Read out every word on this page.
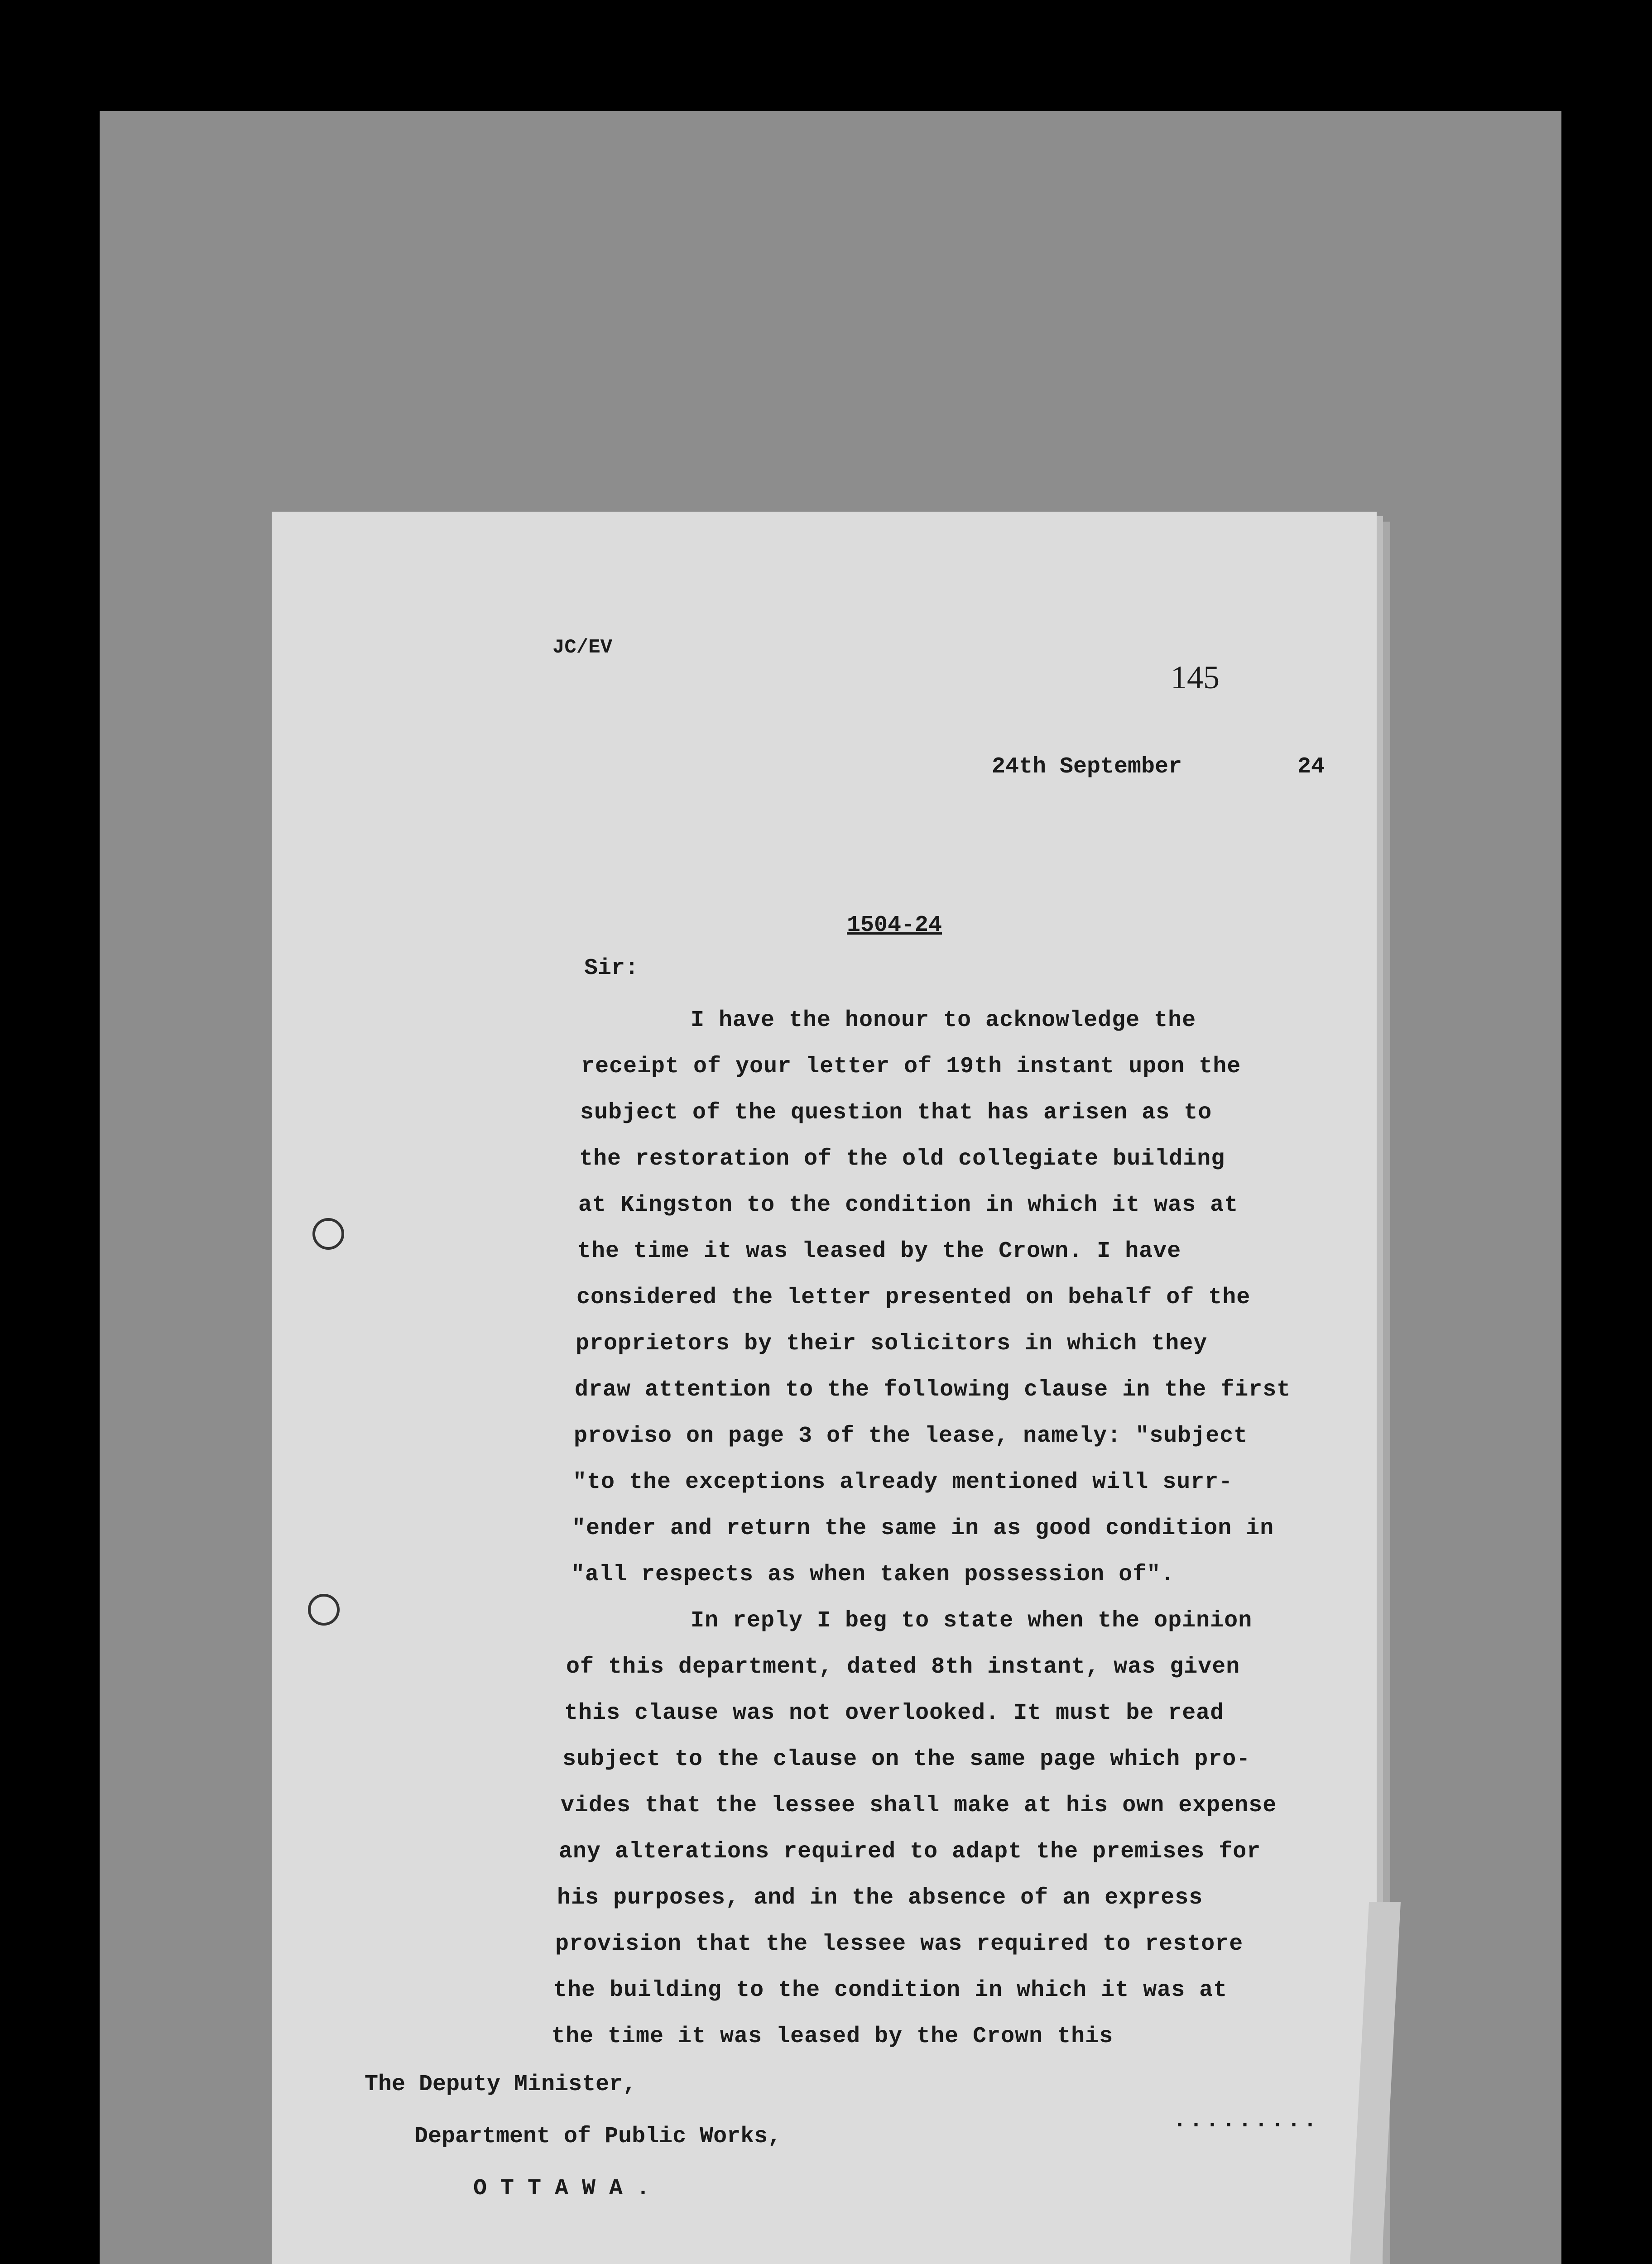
JC/EV
145
24th September	24
1504-24
Sir:
I have the honour to acknowledge the
receipt of your letter of 19th instant upon the
subject of the question that has arisen as to
the restoration of the old collegiate building
at Kingston to the condition in which it was at
the time it was leased by the Crown. I have
considered the letter presented on behalf of the
proprietors by their solicitors in which they
draw attention to the following clause in the first
proviso on page 3 of the lease, namely: "subject
"to the exceptions already mentioned will surr-
"ender and return the same in as good condition in
"all respects as when taken possession of".
In reply I beg to state when the opinion
of this department, dated 8th instant, was given
this clause was not overlooked. It must be read
subject to the clause on the same page which pro-
vides that the lessee shall make at his own expense
any alterations required to adapt the premises for
his purposes, and in the absence of an express
provision that the lessee was required to restore
the building to the condition in which it was at
the time it was leased by the Crown this
.........
The Deputy Minister,
Department of Public Works,
O T T A W A .
